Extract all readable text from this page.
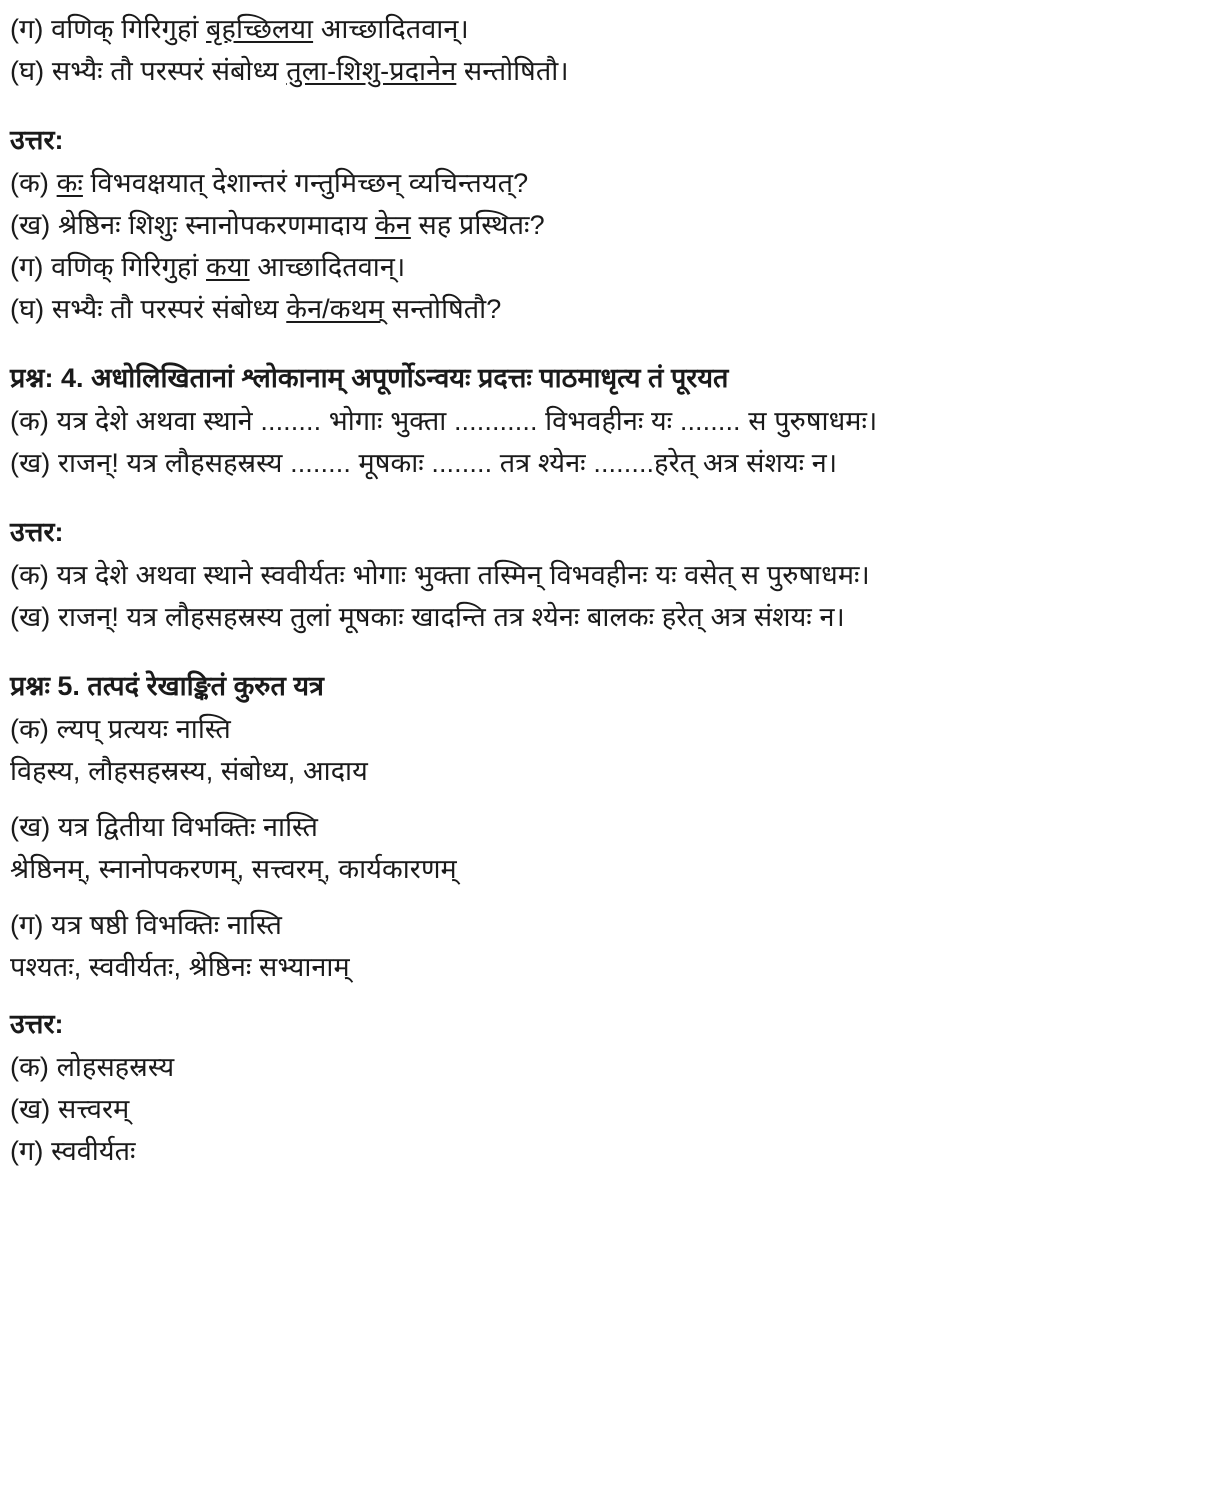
(ग) वणिक् गिरिगुहां बृहच्छिलया आच्छादितवान्।
(घ) सभ्यैः तौ परस्परं संबोध्य तुला-शिशु-प्रदानेन सन्तोषितौ।
उत्तर:
(क) कः विभवक्षयात् देशान्तरं गन्तुमिच्छन् व्यचिन्तयत्?
(ख) श्रेष्ठिनः शिशुः स्नानोपकरणमादाय केन सह प्रस्थितः?
(ग) वणिक् गिरिगुहां कया आच्छादितवान्।
(घ) सभ्यैः तौ परस्परं संबोध्य केन/कथम् सन्तोषितौ?
प्रश्न: 4. अधोलिखितानां श्लोकानाम् अपूर्णोऽन्वयः प्रदत्तः पाठमाधृत्य तं पूरयत
(क) यत्र देशे अथवा स्थाने ........ भोगाः भुक्ता ........... विभवहीनः यः ........ स पुरुषाधमः।
(ख) राजन्! यत्र लौहसहस्रस्य ........ मूषकाः ........ तत्र श्येनः ........हरेत् अत्र संशयः न।
उत्तर:
(क) यत्र देशे अथवा स्थाने स्ववीर्यतः भोगाः भुक्ता तस्मिन् विभवहीनः यः वसेत् स पुरुषाधमः।
(ख) राजन्! यत्र लौहसहस्रस्य तुलां मूषकाः खादन्ति तत्र श्येनः बालकः हरेत् अत्र संशयः न।
प्रश्नः 5. तत्पदं रेखाङ्कितं कुरुत यत्र
(क) ल्यप् प्रत्ययः नास्ति
विहस्य, लौहसहस्रस्य, संबोध्य, आदाय
(ख) यत्र द्वितीया विभक्तिः नास्ति
श्रेष्ठिनम्, स्नानोपकरणम्, सत्त्वरम्, कार्यकारणम्
(ग) यत्र षष्ठी विभक्तिः नास्ति
पश्यतः, स्ववीर्यतः, श्रेष्ठिनः सभ्यानाम्
उत्तर:
(क) लोहसहस्रस्य
(ख) सत्त्वरम्
(ग) स्ववीर्यतः
